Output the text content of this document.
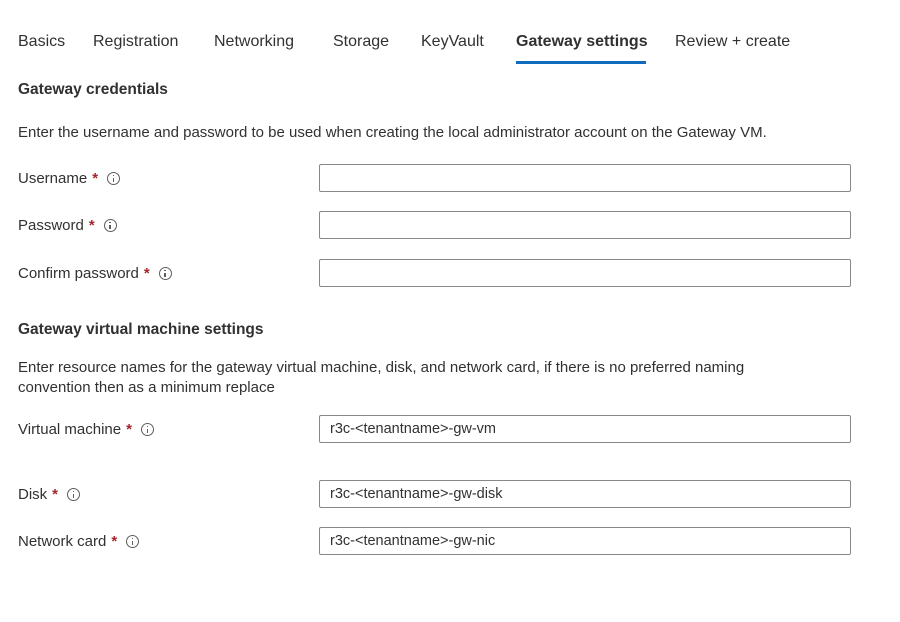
Basics Registration Networking Storage KeyVault Gateway settings Review + create
Gateway credentials
Enter the username and password to be used when creating the local administrator account on the Gateway VM.
Username *
Password *
Confirm password *
Gateway virtual machine settings
Enter resource names for the gateway virtual machine, disk, and network card, if there is no preferred naming
convention then as a minimum replace
Virtual machine *
r3c-<tenantname>-gw-vm
Disk *
r3c-<tenantname>-gw-disk
Network card *
r3c-<tenantname>-gw-nic
